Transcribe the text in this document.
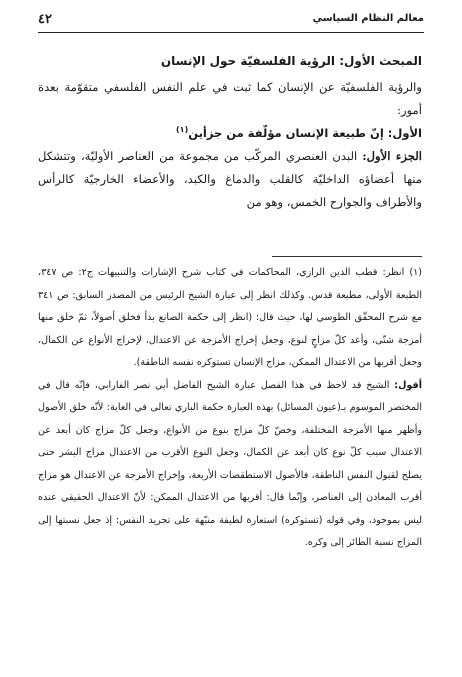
٤٢	معالم النظام السياسي

المبحث الأول: الرؤية الفلسفيّة حول الإنسان

والرؤية الفلسفيّة عن الإنسان كما ثبت في علم النفس الفلسفي متقوّمة بعدة أمور:

الأول: إنّ طبيعة الإنسان مؤلّفة من جزأين$^{(١)}$

الجزء الأول: البدن العنصري المركّب من مجموعة من العناصر الأوليّة، وتتشكل منها أعضاؤه الداخليّة كالقلب والدماغ والكبد، والأعضاء الخارجيّة كالرأس والأطراف والجوارح الخمس، وهو من

(١) انظر: قطب الدين الرازي، المحاكمات في كتاب شرح الإشارات والتنبيهات ج٢: ص ٣٤٧، الطبعة الأولى، مطبعة قدس. وكذلك انظر إلى عبارة الشيخ الرئيس من المصدر السابق: ص ٣٤١ مع شرح المحقّق الطوسي لها، حيث قال: (انظر إلى حكمة الصانع بدأ فخلق أصولاً، ثمّ خلق منها أمزجة شتّى، وأعد كلّ مزاجٍ لنوع، وجعل إخراج الأمزجة عن الاعتدال، لإخراج الأنواع عن الكمال، وجعل أقربها من الاعتدال الممكن، مزاج الإنسان تستوكره نفسه الناطقة).

أقول: الشيخ قد لاحظ في هذا الفصل عبارة الشيخ الفاضل أبي نصر الفارابي، فإنّه قال في المختصر الموسوم بـ(عيون المسائل) بهذه العبارة حكمة الباري تعالى في الغاية: لأنّه خلق الأصول وأظهر منها الأمزجة المختلفة، وخصّ كلّ مزاج بنوع من الأنواع، وجعل كلّ مزاج كان أبعد عن الاعتدال سبب كلّ نوع كان أبعد عن الكمال، وجعل النوع الأقرب من الاعتدال مزاج البشر حتى يصلح لقبول النفس الناطقة، فالأصول الاستطقصات الأربعة، وإخراج الأمزجة عن الاعتدال هو مزاج أقرب المعادن إلى العناصر، وإنّما قال: أقربها من الاعتدال الممكن: لأنّ الاعتدال الحقيقي عنده ليس بموجود، وفي قوله (تستوكره) استعارة لطيفة منبّهة على تجريد النفس: إذ جعل نسبتها إلى المزاج نسبة الطائر إلى وكره.
